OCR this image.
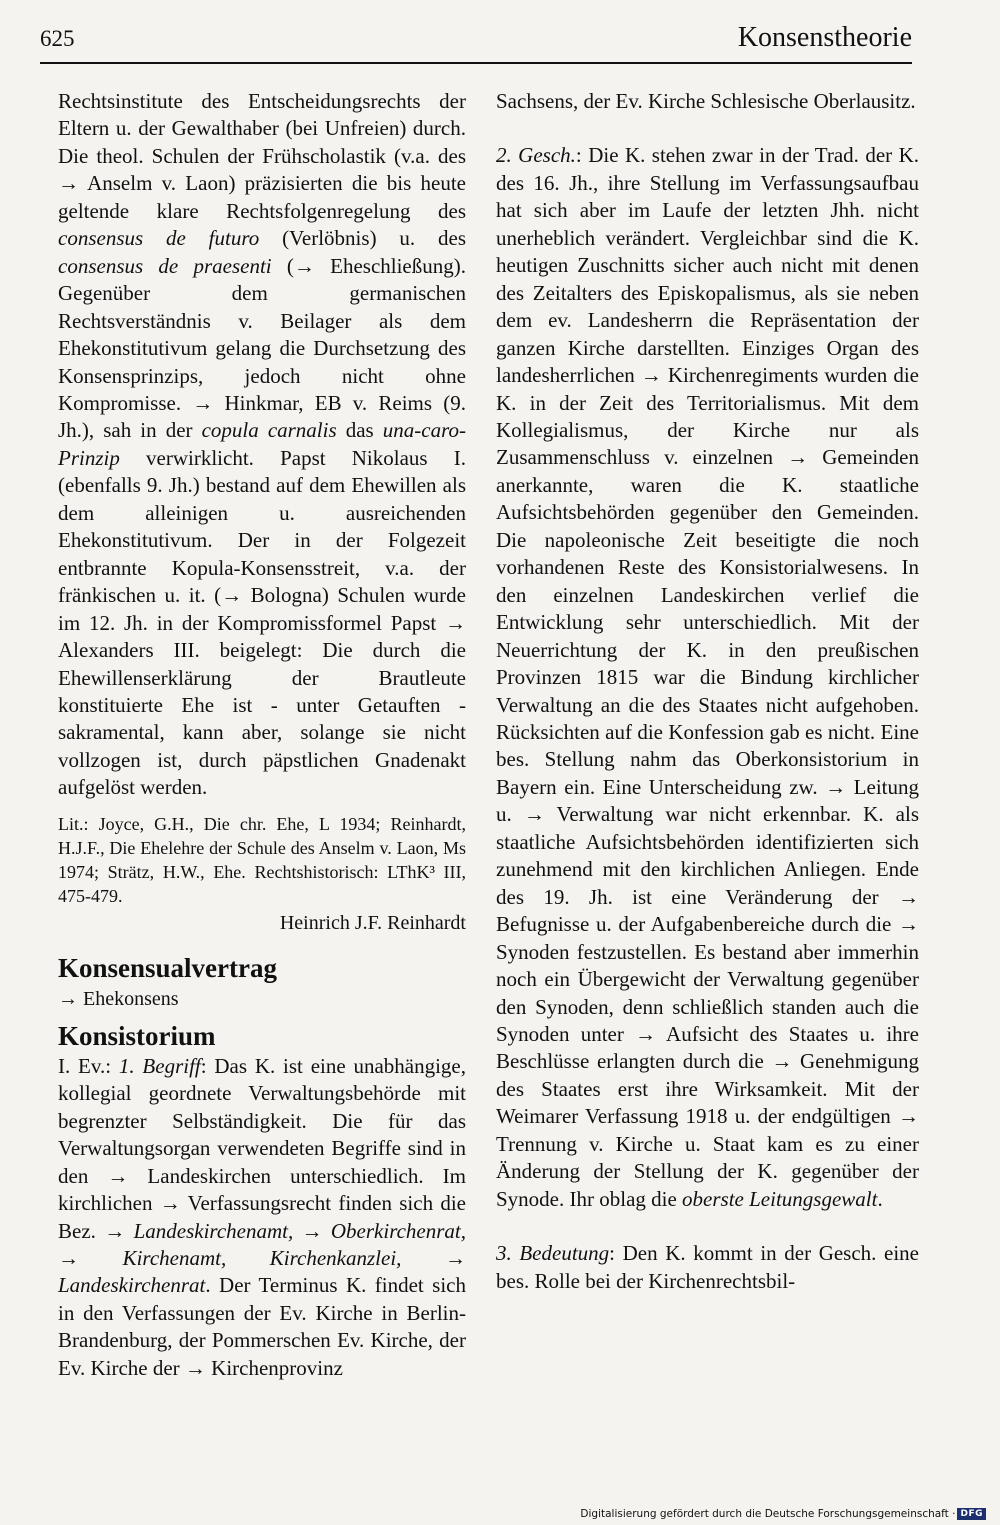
625	Konsenstheorie

Rechtsinstitute des Entscheidungsrechts der Eltern u. der Gewalthaber (bei Unfreien) durch. Die theol. Schulen der Frühscholastik (v.a. des → Anselm v. Laon) präzisierten die bis heute geltende klare Rechtsfolgenregelung des consensus de futuro (Verlöbnis) u. des consensus de praesenti (→ Eheschließung). Gegenüber dem germanischen Rechtsverständnis v. Beilager als dem Ehekonstitutivum gelang die Durchsetzung des Konsensprinzips, jedoch nicht ohne Kompromisse. → Hinkmar, EB v. Reims (9. Jh.), sah in der copula carnalis das una-caro-Prinzip verwirklicht. Papst Nikolaus I. (ebenfalls 9. Jh.) bestand auf dem Ehewillen als dem alleinigen u. ausreichenden Ehekonstitutivum. Der in der Folgezeit entbrannte Kopula-Konsensstreit, v.a. der fränkischen u. it. (→ Bologna) Schulen wurde im 12. Jh. in der Kompromissformel Papst → Alexanders III. beigelegt: Die durch die Ehewillenserklärung der Brautleute konstituierte Ehe ist - unter Getauften - sakramental, kann aber, solange sie nicht vollzogen ist, durch päpstlichen Gnadenakt aufgelöst werden.

Lit.: Joyce, G.H., Die chr. Ehe, L 1934; Reinhardt, H.J.F., Die Ehelehre der Schule des Anselm v. Laon, Ms 1974; Strätz, H.W., Ehe. Rechtshistorisch: LThK³ III, 475-479.

Heinrich J.F. Reinhardt

Konsensualvertrag

→ Ehekonsens

Konsistorium

I. Ev.: 1. Begriff: Das K. ist eine unabhängige, kollegial geordnete Verwaltungsbehörde mit begrenzter Selbständigkeit. Die für das Verwaltungsorgan verwendeten Begriffe sind in den → Landeskirchen unterschiedlich. Im kirchlichen → Verfassungsrecht finden sich die Bez. → Landeskirchenamt, → Oberkirchenrat, → Kirchenamt, Kirchenkanzlei, → Landeskirchenrat. Der Terminus K. findet sich in den Verfassungen der Ev. Kirche in Berlin-Brandenburg, der Pommerschen Ev. Kirche, der Ev. Kirche der → Kirchenprovinz

Sachsens, der Ev. Kirche Schlesische Oberlausitz.

2. Gesch.: Die K. stehen zwar in der Trad. der K. des 16. Jh., ihre Stellung im Verfassungsaufbau hat sich aber im Laufe der letzten Jhh. nicht unerheblich verändert. Vergleichbar sind die K. heutigen Zuschnitts sicher auch nicht mit denen des Zeitalters des Episkopalismus, als sie neben dem ev. Landesherrn die Repräsentation der ganzen Kirche darstellten. Einziges Organ des landesherrlichen → Kirchenregiments wurden die K. in der Zeit des Territorialismus. Mit dem Kollegialismus, der Kirche nur als Zusammenschluss v. einzelnen → Gemeinden anerkannte, waren die K. staatliche Aufsichtsbehörden gegenüber den Gemeinden. Die napoleonische Zeit beseitigte die noch vorhandenen Reste des Konsistorialwesens. In den einzelnen Landeskirchen verlief die Entwicklung sehr unterschiedlich. Mit der Neuerrichtung der K. in den preußischen Provinzen 1815 war die Bindung kirchlicher Verwaltung an die des Staates nicht aufgehoben. Rücksichten auf die Konfession gab es nicht. Eine bes. Stellung nahm das Oberkonsistorium in Bayern ein. Eine Unterscheidung zw. → Leitung u. → Verwaltung war nicht erkennbar. K. als staatliche Aufsichtsbehörden identifizierten sich zunehmend mit den kirchlichen Anliegen. Ende des 19. Jh. ist eine Veränderung der → Befugnisse u. der Aufgabenbereiche durch die → Synoden festzustellen. Es bestand aber immerhin noch ein Übergewicht der Verwaltung gegenüber den Synoden, denn schließlich standen auch die Synoden unter → Aufsicht des Staates u. ihre Beschlüsse erlangten durch die → Genehmigung des Staates erst ihre Wirksamkeit. Mit der Weimarer Verfassung 1918 u. der endgültigen → Trennung v. Kirche u. Staat kam es zu einer Änderung der Stellung der K. gegenüber der Synode. Ihr oblag die oberste Leitungsgewalt.

3. Bedeutung: Den K. kommt in der Gesch. eine bes. Rolle bei der Kirchenrechtsbil-

Digitalisierung gefördert durch die Deutsche Forschungsgemeinschaft · DFG
